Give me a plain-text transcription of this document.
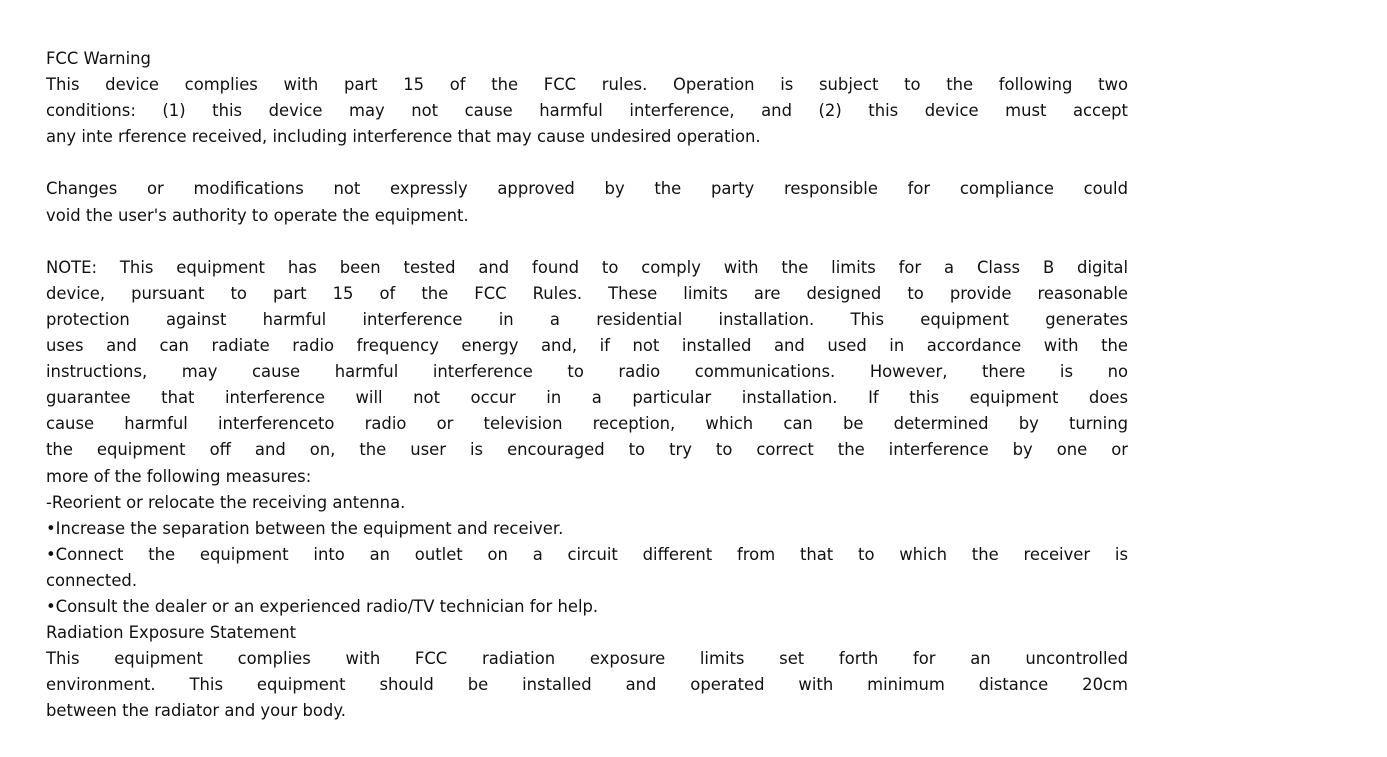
FCC Warning
This device complies with part 15 of the FCC rules. Operation is subject to the following two
conditions: (1) this device may not cause harmful interference, and (2) this device must accept
any inte rference received, including interference that may cause undesired operation.
Changes or modifications not expressly approved by the party responsible for compliance could
void the user's authority to operate the equipment.
NOTE: This equipment has been tested and found to comply with the limits for a Class B digital
device, pursuant to part 15 of the FCC Rules. These limits are designed to provide reasonable
protection against harmful interference in a residential installation. This equipment generates
uses and can radiate radio frequency energy and, if not installed and used in accordance with the
instructions, may cause harmful interference to radio communications. However, there is no
guarantee that interference will not occur in a particular installation. If this equipment does
cause harmful interferenceto radio or television reception, which can be determined by turning
the equipment off and on, the user is encouraged to try to correct the interference by one or
more of the following measures:
-Reorient or relocate the receiving antenna.
•Increase the separation between the equipment and receiver.
•Connect the equipment into an outlet on a circuit different from that to which the receiver is
connected.
•Consult the dealer or an experienced radio/TV technician for help.
Radiation Exposure Statement
This equipment complies with FCC radiation exposure limits set forth for an uncontrolled
environment. This equipment should be installed and operated with minimum distance 20cm
between the radiator and your body.
